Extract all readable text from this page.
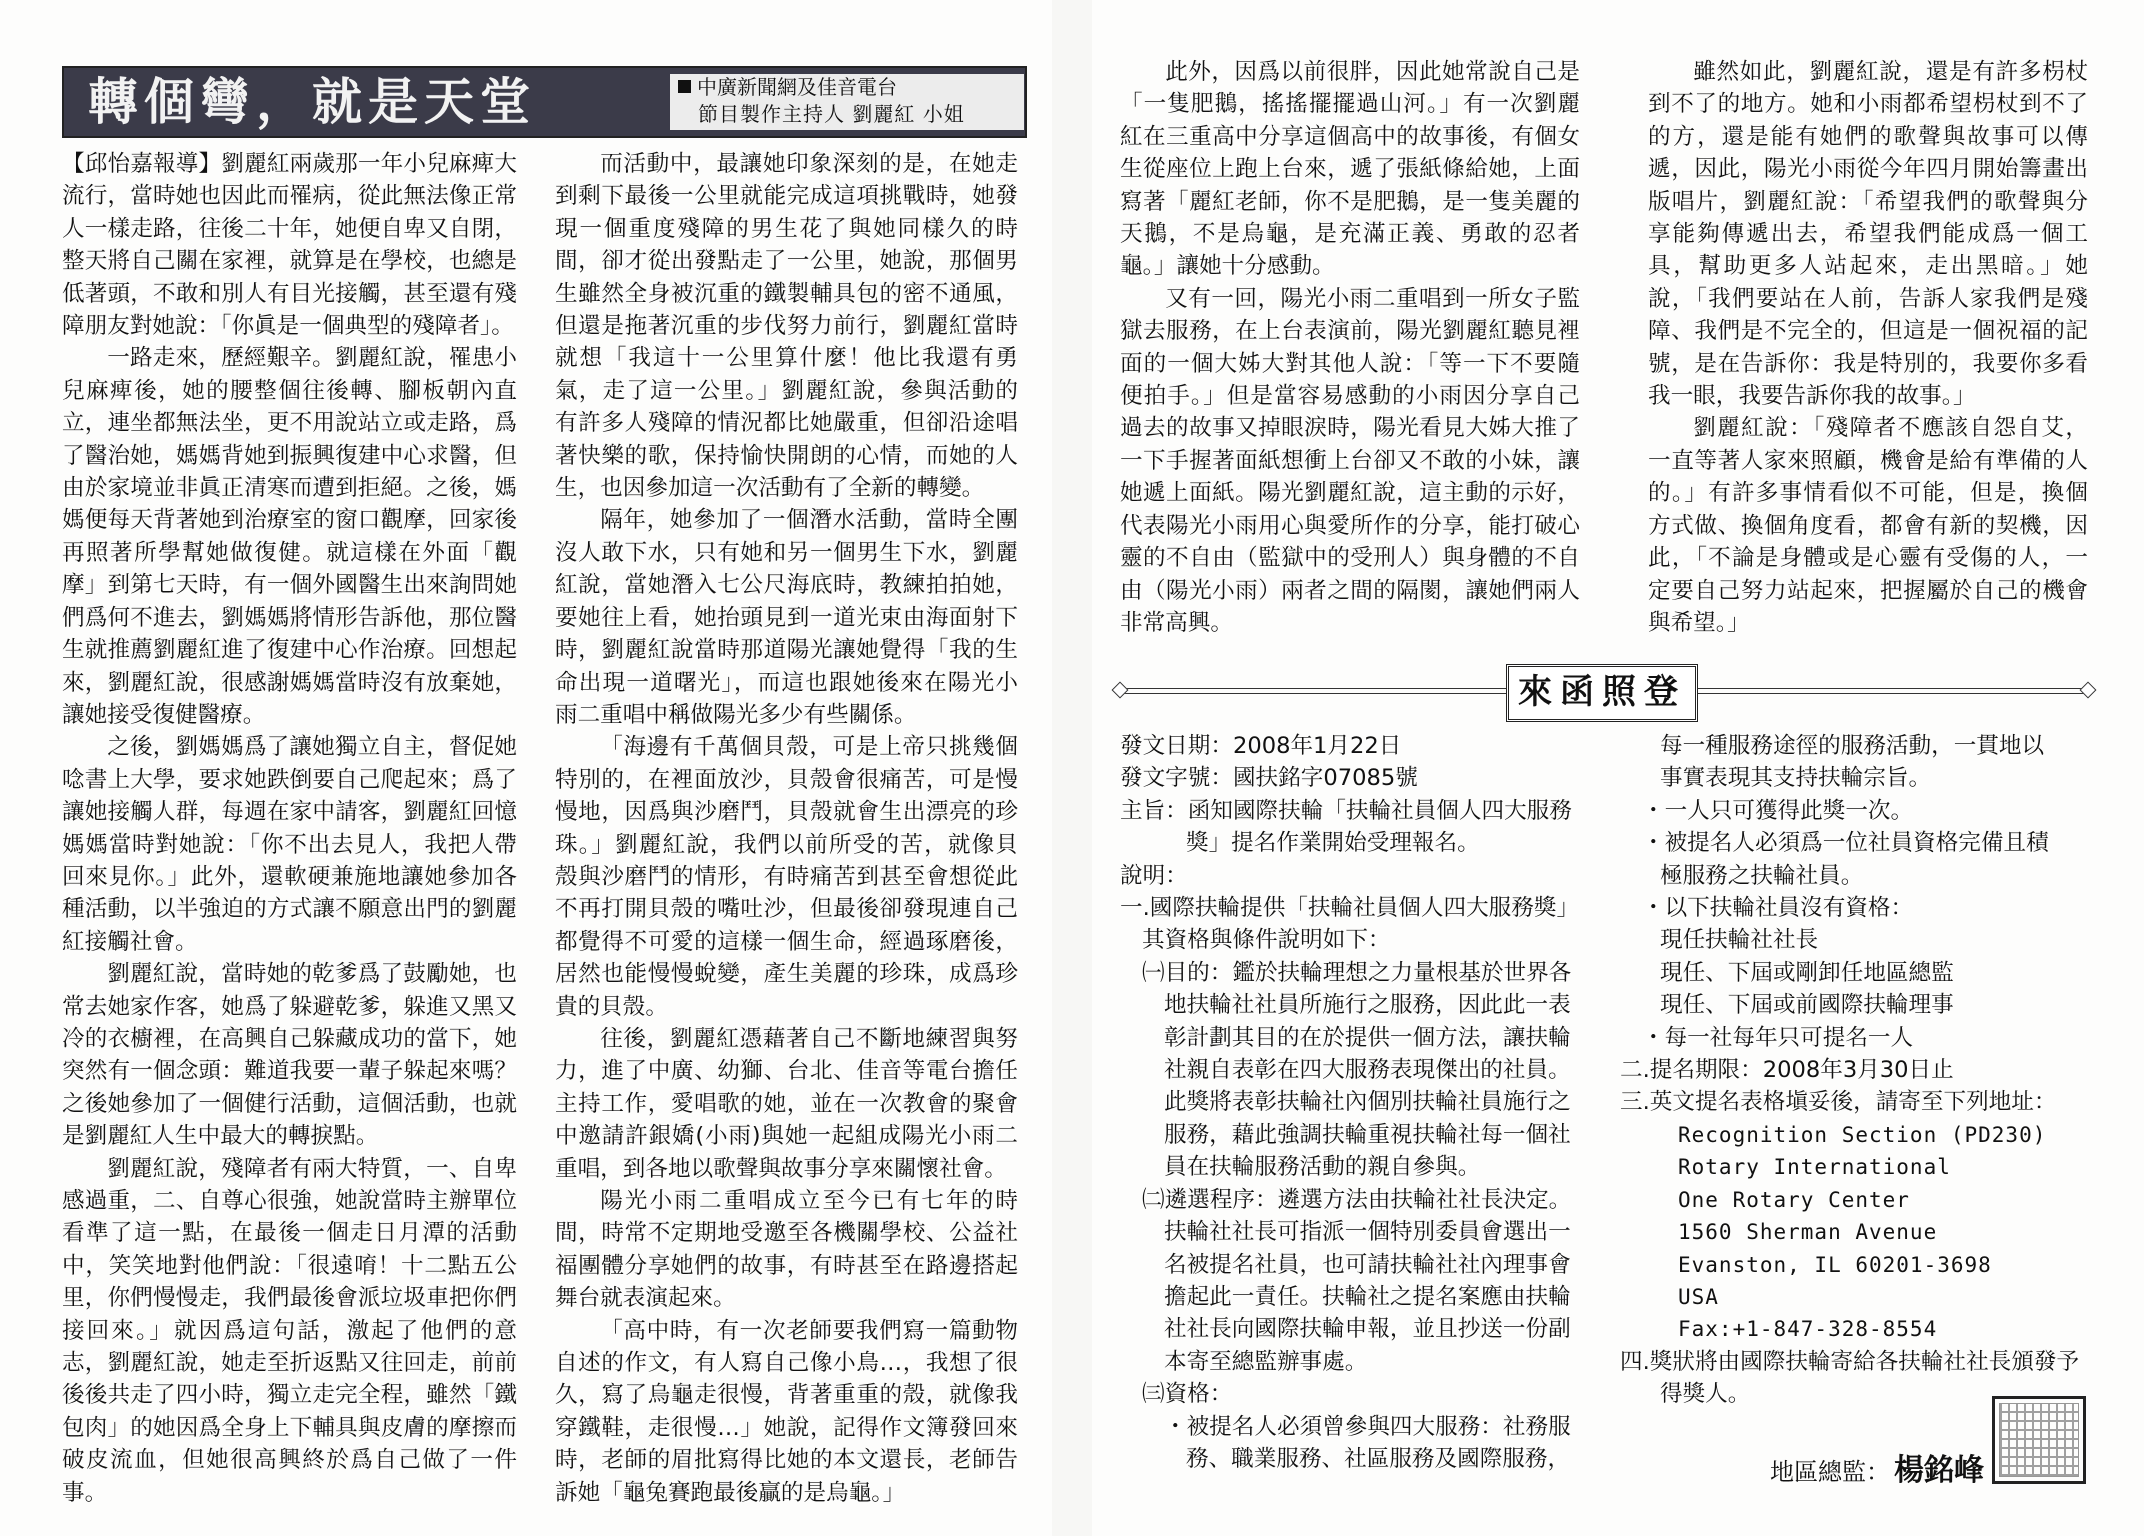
轉個彎，就是天堂	中廣新聞網及佳音電台
節目製作主持人 劉麗紅 小姐

【邱怡嘉報導】劉麗紅兩歲那一年小兒麻痺大流行，當時她也因此而罹病，從此無法像正常人一樣走路，往後二十年，她便自卑又自閉，整天將自己關在家裡，就算是在學校，也總是低著頭，不敢和別人有目光接觸，甚至還有殘障朋友對她說：「你眞是一個典型的殘障者」。

一路走來，歷經艱辛。劉麗紅說，罹患小兒麻痺後，她的腰整個往後轉、腳板朝內直立，連坐都無法坐，更不用說站立或走路，爲了醫治她，媽媽背她到振興復建中心求醫，但由於家境並非眞正清寒而遭到拒絕。之後，媽媽便每天背著她到治療室的窗口觀摩，回家後再照著所學幫她做復健。就這樣在外面「觀摩」到第七天時，有一個外國醫生出來詢問她們爲何不進去，劉媽媽將情形告訴他，那位醫生就推薦劉麗紅進了復建中心作治療。回想起來，劉麗紅說，很感謝媽媽當時沒有放棄她，讓她接受復健醫療。

之後，劉媽媽爲了讓她獨立自主，督促她唸書上大學，要求她跌倒要自己爬起來；爲了讓她接觸人群，每週在家中請客，劉麗紅回憶媽媽當時對她說：「你不出去見人，我把人帶回來見你。」此外，還軟硬兼施地讓她參加各種活動，以半強迫的方式讓不願意出門的劉麗紅接觸社會。

劉麗紅說，當時她的乾爹爲了鼓勵她，也常去她家作客，她爲了躲避乾爹，躲進又黑又冷的衣櫥裡，在高興自己躲藏成功的當下，她突然有一個念頭：難道我要一輩子躲起來嗎？之後她參加了一個健行活動，這個活動，也就是劉麗紅人生中最大的轉捩點。

劉麗紅說，殘障者有兩大特質，一、自卑感過重，二、自尊心很強，她說當時主辦單位看準了這一點，在最後一個走日月潭的活動中，笑笑地對他們說：「很遠唷！十二點五公里，你們慢慢走，我們最後會派垃圾車把你們接回來。」就因爲這句話，激起了他們的意志，劉麗紅說，她走至折返點又往回走，前前後後共走了四小時，獨立走完全程，雖然「鐵包肉」的她因爲全身上下輔具與皮膚的摩擦而破皮流血，但她很高興終於爲自己做了一件事。

而活動中，最讓她印象深刻的是，在她走到剩下最後一公里就能完成這項挑戰時，她發現一個重度殘障的男生花了與她同樣久的時間，卻才從出發點走了一公里，她說，那個男生雖然全身被沉重的鐵製輔具包的密不通風，但還是拖著沉重的步伐努力前行，劉麗紅當時就想「我這十一公里算什麼！他比我還有勇氣，走了這一公里。」劉麗紅說，參與活動的有許多人殘障的情況都比她嚴重，但卻沿途唱著快樂的歌，保持愉快開朗的心情，而她的人生，也因參加這一次活動有了全新的轉變。

隔年，她參加了一個潛水活動，當時全團沒人敢下水，只有她和另一個男生下水，劉麗紅說，當她潛入七公尺海底時，教練拍拍她，要她往上看，她抬頭見到一道光束由海面射下時，劉麗紅說當時那道陽光讓她覺得「我的生命出現一道曙光」，而這也跟她後來在陽光小雨二重唱中稱做陽光多少有些關係。

「海邊有千萬個貝殼，可是上帝只挑幾個特別的，在裡面放沙，貝殼會很痛苦，可是慢慢地，因爲與沙磨鬥，貝殼就會生出漂亮的珍珠。」劉麗紅說，我們以前所受的苦，就像貝殼與沙磨鬥的情形，有時痛苦到甚至會想從此不再打開貝殼的嘴吐沙，但最後卻發現連自己都覺得不可愛的這樣一個生命，經過琢磨後，居然也能慢慢蛻變，產生美麗的珍珠，成爲珍貴的貝殼。

往後，劉麗紅憑藉著自己不斷地練習與努力，進了中廣、幼獅、台北、佳音等電台擔任主持工作，愛唱歌的她，並在一次教會的聚會中邀請許銀嬌(小雨)與她一起組成陽光小雨二重唱，到各地以歌聲與故事分享來關懷社會。

陽光小雨二重唱成立至今已有七年的時間，時常不定期地受邀至各機關學校、公益社福團體分享她們的故事，有時甚至在路邊搭起舞台就表演起來。

「高中時，有一次老師要我們寫一篇動物自述的作文，有人寫自己像小鳥…，我想了很久，寫了烏龜走很慢，背著重重的殼，就像我穿鐵鞋，走很慢…」她說，記得作文簿發回來時，老師的眉批寫得比她的本文還長，老師告訴她「龜兔賽跑最後贏的是烏龜。」

此外，因爲以前很胖，因此她常說自己是「一隻肥鵝，搖搖擺擺過山河。」有一次劉麗紅在三重高中分享這個高中的故事後，有個女生從座位上跑上台來，遞了張紙條給她，上面寫著「麗紅老師，你不是肥鵝，是一隻美麗的天鵝，不是烏龜，是充滿正義、勇敢的忍者龜。」讓她十分感動。

又有一回，陽光小雨二重唱到一所女子監獄去服務，在上台表演前，陽光劉麗紅聽見裡面的一個大姊大對其他人說：「等一下不要隨便拍手。」但是當容易感動的小雨因分享自己過去的故事又掉眼淚時，陽光看見大姊大推了一下手握著面紙想衝上台卻又不敢的小妹，讓她遞上面紙。陽光劉麗紅說，這主動的示好，代表陽光小雨用心與愛所作的分享，能打破心靈的不自由（監獄中的受刑人）與身體的不自由（陽光小雨）兩者之間的隔閡，讓她們兩人非常高興。

雖然如此，劉麗紅說，還是有許多枴杖到不了的地方。她和小雨都希望枴杖到不了的方，還是能有她們的歌聲與故事可以傳遞，因此，陽光小雨從今年四月開始籌畫出版唱片，劉麗紅說：「希望我們的歌聲與分享能夠傳遞出去，希望我們能成爲一個工具，幫助更多人站起來，走出黑暗。」她說，「我們要站在人前，告訴人家我們是殘障、我們是不完全的，但這是一個祝福的記號，是在告訴你：我是特別的，我要你多看我一眼，我要告訴你我的故事。」

劉麗紅說：「殘障者不應該自怨自艾，一直等著人家來照顧，機會是給有準備的人的。」有許多事情看似不可能，但是，換個方式做、換個角度看，都會有新的契機，因此，「不論是身體或是心靈有受傷的人，一定要自己努力站起來，把握屬於自己的機會與希望。」

來函照登
發文日期：2008年1月22日
發文字號：國扶銘字07085號
主旨：函知國際扶輪「扶輪社員個人四大服務
獎」提名作業開始受理報名。
說明：
一.國際扶輪提供「扶輪社員個人四大服務獎」
其資格與條件說明如下：
㈠目的：鑑於扶輪理想之力量根基於世界各
地扶輪社社員所施行之服務，因此此一表
彰計劃其目的在於提供一個方法，讓扶輪
社親自表彰在四大服務表現傑出的社員。
此獎將表彰扶輪社內個別扶輪社員施行之
服務，藉此強調扶輪重視扶輪社每一個社
員在扶輪服務活動的親自參與。
㈡遴選程序：遴選方法由扶輪社社長決定。
扶輪社社長可指派一個特別委員會選出一
名被提名社員，也可請扶輪社社內理事會
擔起此一責任。扶輪社之提名案應由扶輪
社社長向國際扶輪申報，並且抄送一份副
本寄至總監辦事處。
㈢資格：
・被提名人必須曾參與四大服務：社務服
務、職業服務、社區服務及國際服務，
每一種服務途徑的服務活動，一貫地以
事實表現其支持扶輪宗旨。
・一人只可獲得此獎一次。
・被提名人必須爲一位社員資格完備且積
極服務之扶輪社員。
・以下扶輪社員沒有資格：
現任扶輪社社長
現任、下屆或剛卸任地區總監
現任、下屆或前國際扶輪理事
・每一社每年只可提名一人
二.提名期限：2008年3月30日止
三.英文提名表格塡妥後，請寄至下列地址：
Recognition Section (PD230)
Rotary International
One Rotary Center
1560 Sherman Avenue
Evanston, IL 60201-3698
USA
Fax:+1-847-328-8554
四.獎狀將由國際扶輪寄給各扶輪社社長頒發予
得獎人。
地區總監： 楊銘峰
